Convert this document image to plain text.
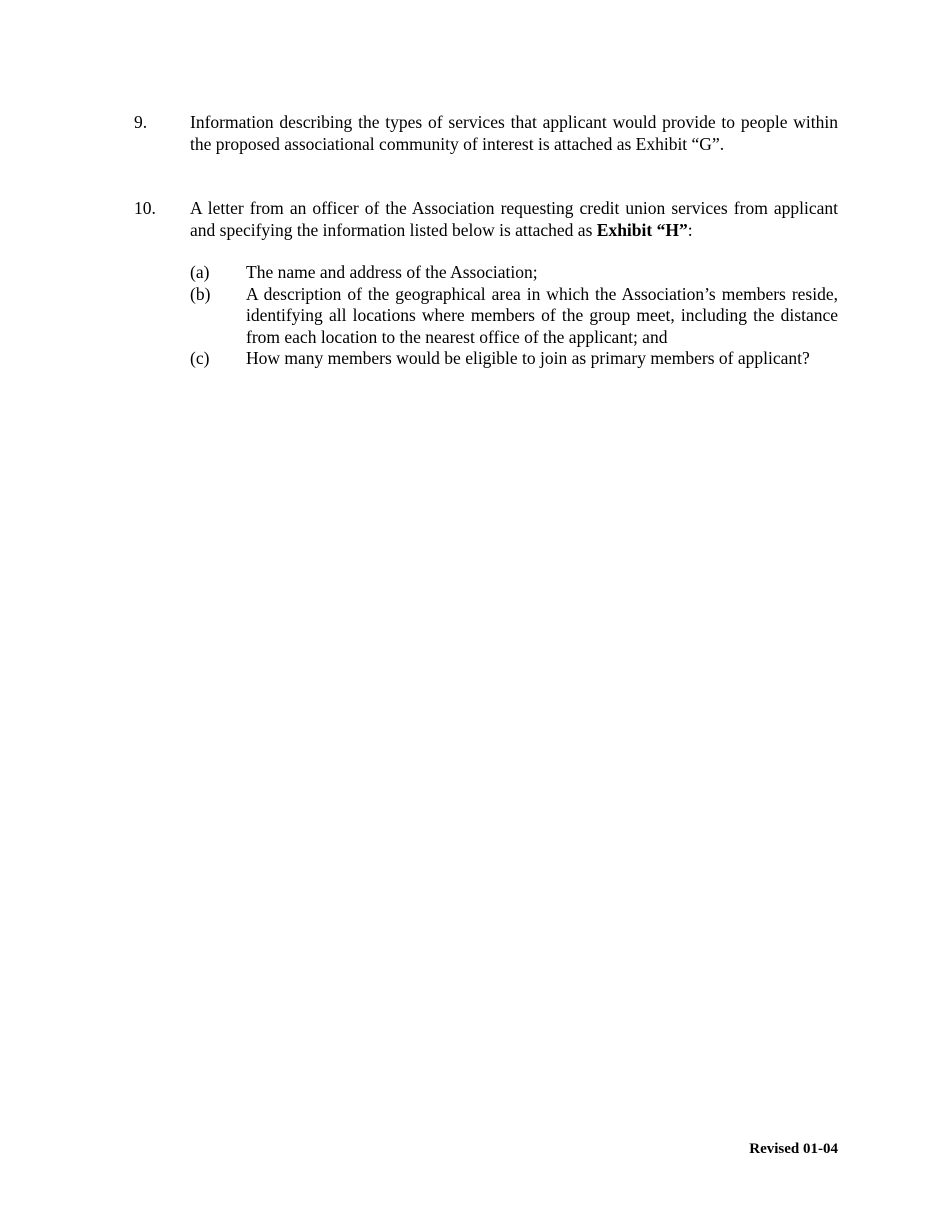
9.	Information describing the types of services that applicant would provide to people within the proposed associational community of interest is attached as Exhibit “G”.
10.	A letter from an officer of the Association requesting credit union services from applicant and specifying the information listed below is attached as Exhibit “H”:
(a)	The name and address of the Association;
(b)	A description of the geographical area in which the Association’s members reside, identifying all locations where members of the group meet, including the distance from each location to the nearest office of the applicant; and
(c)	How many members would be eligible to join as primary members of applicant?
Revised 01-04
